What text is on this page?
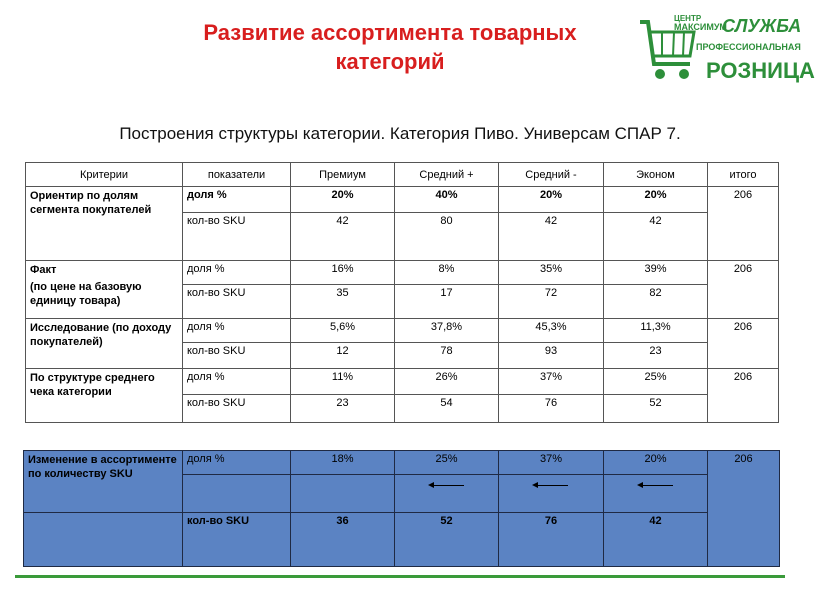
Развитие ассортимента товарных
категорий
ЦЕНТР
МАКСИМУМ
СЛУЖБА
ПРОФЕССИОНАЛЬНАЯ
РОЗНИЦА
Построения структуры категории. Категория Пиво. Универсам СПАР 7.
Критерии	показатели	Премиум	Средний +	Средний -	Эконом	итого
Ориентир по долям сегмента покупателей	доля %	20%	40%	20%	20%	206
	кол-во SKU	42	80	42	42	

Факт
(по цене на базовую единицу товара)	доля %	16%	8%	35%	39%	206
	кол-во SKU	35	17	72	82	
Исследование (по доходу покупателей)	доля %	5,6%	37,8%	45,3%	11,3%	206
	кол-во SKU	12	78	93	23	
По структуре среднего чека категории	доля %	11%	26%	37%	25%	206
	кол-во SKU	23	54	76	52	
Изменение в ассортименте по количеству SKU	доля %	18%	25%	37%	20%	206

	кол-во SKU	36	52	76	42	
